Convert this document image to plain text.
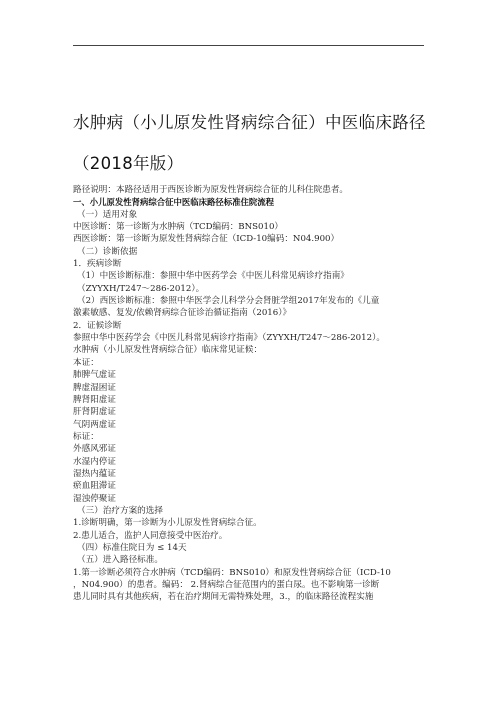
水肿病（小儿原发性肾病综合征）中医临床路径
（2018年版）
路径说明：本路径适用于西医诊断为原发性肾病综合征的儿科住院患者。
一、小儿原发性肾病综合征中医临床路径标准住院流程
（一）适用对象
中医诊断：第一诊断为水肿病（TCD编码：BNS010）
西医诊断：第一诊断为原发性肾病综合征（ICD-10编码：N04.900）
（二）诊断依据
1．疾病诊断
（1）中医诊断标准：参照中华中医药学会《中医儿科常见病诊疗指南》
（ZYYXH/T247～286-2012）。
（2）西医诊断标准：参照中华医学会儿科学分会肾脏学组2017年发布的《儿童
激素敏感、复发/依赖肾病综合征诊治循证指南（2016）》
2．证候诊断
参照中华中医药学会《中医儿科常见病诊疗指南》（ZYYXH/T247～286-2012）。
水肿病（小儿原发性肾病综合征）临床常见证候：
本证：
肺脾气虚证
脾虚湿困证
脾肾阳虚证
肝肾阴虚证
气阴两虚证
标证：
外感风邪证
水湿内停证
湿热内蕴证
瘀血阻滞证
湿浊停聚证
（三）治疗方案的选择
1.诊断明确，第一诊断为小儿原发性肾病综合征。
2.患儿适合，监护人同意接受中医治疗。
（四）标准住院日为 ≤ 14天
（五）进入路径标准。
1.第一诊断必须符合水肿病（TCD编码：BNS010）和原发性肾病综合征（ICD-10
，N04.900）的患者。编码： 2.肾病综合征范围内的蛋白尿。也不影响第一诊断
患儿同时具有其他疾病，若在治疗期间无需特殊处理，3.，的临床路径流程实施
